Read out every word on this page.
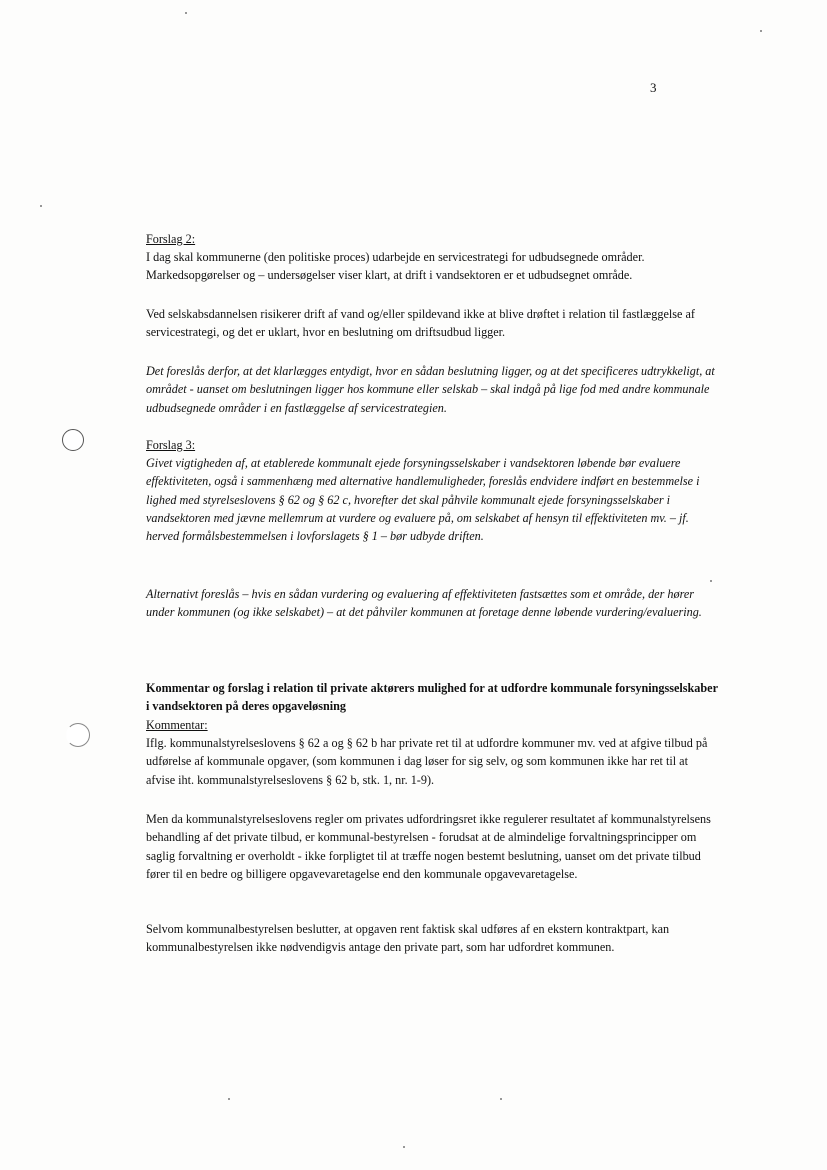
3

Forslag 2:

I dag skal kommunerne (den politiske proces) udarbejde en servicestrategi for udbudsegnede områder. Markedsopgørelser og – undersøgelser viser klart, at drift i vandsektoren er et udbudsegnet område.

Ved selskabsdannelsen risikerer drift af vand og/eller spildevand ikke at blive drøftet i relation til fastlæggelse af servicestrategi, og det er uklart, hvor en beslutning om driftsudbud ligger.

Det foreslås derfor, at det klarlægges entydigt, hvor en sådan beslutning ligger, og at det specificeres udtrykkeligt, at området - uanset om beslutningen ligger hos kommune eller selskab – skal indgå på lige fod med andre kommunale udbudsegnede områder i en fastlæggelse af servicestrategien.

Forslag 3:

Givet vigtigheden af, at etablerede kommunalt ejede forsyningsselskaber i vandsektoren løbende bør evaluere effektiviteten, også i sammenhæng med alternative handlemuligheder, foreslås endvidere indført en bestemmelse i lighed med styrelseslovens § 62 og § 62 c, hvorefter det skal påhvile kommunalt ejede forsyningsselskaber i vandsektoren med jævne mellemrum at vurdere og evaluere på, om selskabet af hensyn til effektiviteten mv. – jf. herved formålsbestemmelsen i lovforslagets § 1 – bør udbyde driften.

Alternativt foreslås – hvis en sådan vurdering og evaluering af effektiviteten fastsættes som et område, der hører under kommunen (og ikke selskabet) – at det påhviler kommunen at foretage denne løbende vurdering/evaluering.

Kommentar og forslag i relation til private aktørers mulighed for at udfordre kommunale forsyningsselskaber i vandsektoren på deres opgaveløsning

Kommentar:

Iflg. kommunalstyrelseslovens § 62 a og § 62 b har private ret til at udfordre kommuner mv. ved at afgive tilbud på udførelse af kommunale opgaver, (som kommunen i dag løser for sig selv, og som kommunen ikke har ret til at afvise iht. kommunalstyrelseslovens § 62 b, stk. 1, nr. 1-9).

Men da kommunalstyrelseslovens regler om privates udfordringsret ikke regulerer resultatet af kommunalstyrelsens behandling af det private tilbud, er kommunal-bestyrelsen - forudsat at de almindelige forvaltningsprincipper om saglig forvaltning er overholdt - ikke forpligtet til at træffe nogen bestemt beslutning, uanset om det private tilbud fører til en bedre og billigere opgavevaretagelse end den kommunale opgavevaretagelse.

Selvom kommunalbestyrelsen beslutter, at opgaven rent faktisk skal udføres af en ekstern kontraktpart, kan kommunalbestyrelsen ikke nødvendigvis antage den private part, som har udfordret kommunen.
